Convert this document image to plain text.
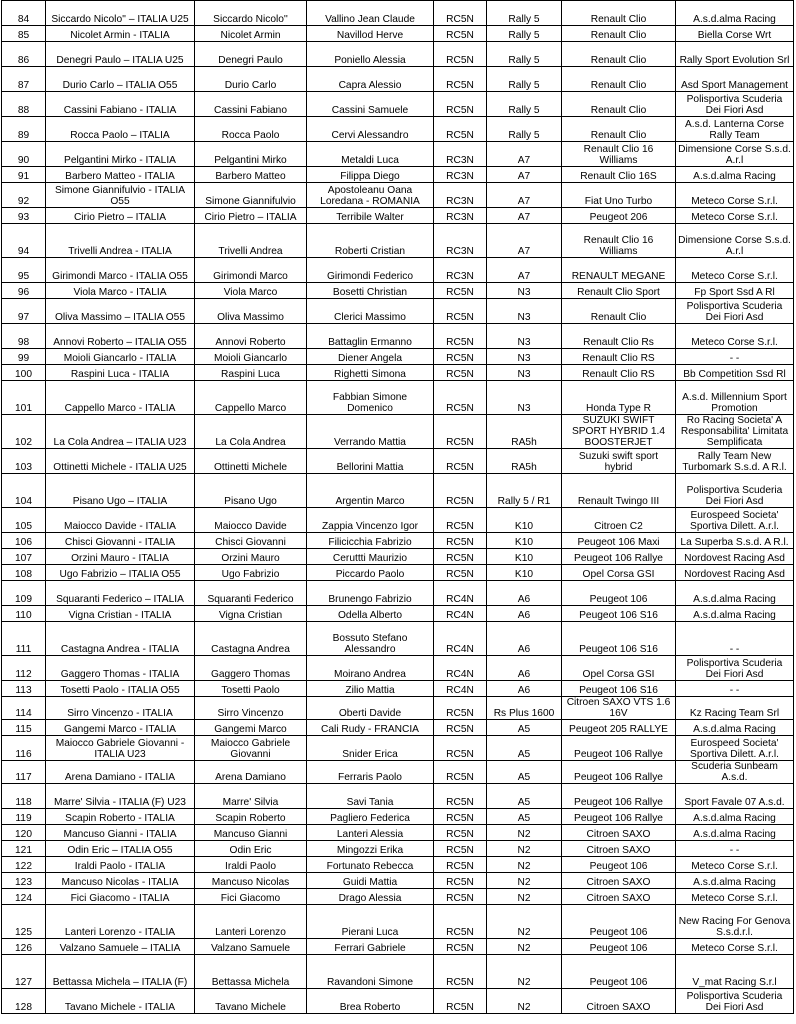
84	Siccardo Nicolo'' – ITALIA U25	Siccardo Nicolo''	Vallino Jean Claude	RC5N	Rally 5	Renault Clio	A.s.d.alma Racing
85	Nicolet Armin - ITALIA	Nicolet Armin	Navillod Herve	RC5N	Rally 5	Renault Clio	Biella Corse Wrt
86	Denegri Paulo – ITALIA U25	Denegri Paulo	Poniello Alessia	RC5N	Rally 5	Renault Clio	Rally Sport Evolution Srl
87	Durio Carlo – ITALIA O55	Durio Carlo	Capra Alessio	RC5N	Rally 5	Renault Clio	Asd Sport Management
88	Cassini Fabiano - ITALIA	Cassini Fabiano	Cassini Samuele	RC5N	Rally 5	Renault Clio	Polisportiva Scuderia Dei Fiori Asd
89	Rocca Paolo – ITALIA	Rocca Paolo	Cervi Alessandro	RC5N	Rally 5	Renault Clio	A.s.d. Lanterna Corse Rally Team
90	Pelgantini Mirko - ITALIA	Pelgantini Mirko	Metaldi Luca	RC3N	A7	Renault Clio 16 Williams	Dimensione Corse S.s.d. A.r.l
91	Barbero Matteo - ITALIA	Barbero Matteo	Filippa Diego	RC3N	A7	Renault Clio 16S	A.s.d.alma Racing
92	Simone Giannifulvio - ITALIA O55	Simone Giannifulvio	Apostoleanu Oana Loredana - ROMANIA	RC3N	A7	Fiat Uno Turbo	Meteco Corse S.r.l.
93	Cirio Pietro – ITALIA	Cirio Pietro – ITALIA	Terribile Walter	RC3N	A7	Peugeot 206	Meteco Corse S.r.l.
94	Trivelli Andrea - ITALIA	Trivelli Andrea	Roberti Cristian	RC3N	A7	Renault Clio 16 Williams	Dimensione Corse S.s.d. A.r.l
95	Girimondi Marco - ITALIA O55	Girimondi Marco	Girimondi Federico	RC3N	A7	RENAULT MEGANE	Meteco Corse S.r.l.
96	Viola Marco - ITALIA	Viola Marco	Bosetti Christian	RC5N	N3	Renault Clio Sport	Fp Sport Ssd A Rl
97	Oliva Massimo – ITALIA O55	Oliva Massimo	Clerici Massimo	RC5N	N3	Renault Clio	Polisportiva Scuderia Dei Fiori Asd
98	Annovi Roberto – ITALIA O55	Annovi Roberto	Battaglin Ermanno	RC5N	N3	Renault Clio Rs	Meteco Corse S.r.l.
99	Moioli Giancarlo - ITALIA	Moioli Giancarlo	Diener Angela	RC5N	N3	Renault Clio RS	- -
100	Raspini Luca - ITALIA	Raspini Luca	Righetti Simona	RC5N	N3	Renault Clio RS	Bb Competition Ssd Rl
101	Cappello Marco - ITALIA	Cappello Marco	Fabbian Simone Domenico	RC5N	N3	Honda Type R	A.s.d. Millennium Sport Promotion
102	La Cola Andrea – ITALIA U23	La Cola Andrea	Verrando Mattia	RC5N	RA5h	SUZUKI SWIFT SPORT HYBRID 1.4 BOOSTERJET	Ro Racing Societa' A Responsabilita' Limitata Semplificata
103	Ottinetti Michele - ITALIA U25	Ottinetti Michele	Bellorini Mattia	RC5N	RA5h	Suzuki swift sport hybrid	Rally Team New Turbomark S.s.d. A R.l.
104	Pisano Ugo – ITALIA	Pisano Ugo	Argentin Marco	RC5N	Rally 5 / R1	Renault Twingo III	Polisportiva Scuderia Dei Fiori Asd
105	Maiocco Davide - ITALIA	Maiocco Davide	Zappia Vincenzo Igor	RC5N	K10	Citroen C2	Eurospeed Societa' Sportiva Dilett. A.r.l.
106	Chisci Giovanni - ITALIA	Chisci Giovanni	Filicicchia Fabrizio	RC5N	K10	Peugeot 106 Maxi	La Superba S.s.d. A R.l.
107	Orzini Mauro - ITALIA	Orzini Mauro	Ceruttti Maurizio	RC5N	K10	Peugeot 106 Rallye	Nordovest Racing Asd
108	Ugo Fabrizio – ITALIA O55	Ugo Fabrizio	Piccardo Paolo	RC5N	K10	Opel Corsa GSI	Nordovest Racing Asd
109	Squaranti Federico – ITALIA	Squaranti Federico	Brunengo Fabrizio	RC4N	A6	Peugeot 106	A.s.d.alma Racing
110	Vigna Cristian - ITALIA	Vigna Cristian	Odella Alberto	RC4N	A6	Peugeot 106 S16	A.s.d.alma Racing
111	Castagna Andrea - ITALIA	Castagna Andrea	Bossuto Stefano Alessandro	RC4N	A6	Peugeot 106 S16	- -
112	Gaggero Thomas - ITALIA	Gaggero Thomas	Moirano Andrea	RC4N	A6	Opel Corsa GSI	Polisportiva Scuderia Dei Fiori Asd
113	Tosetti Paolo - ITALIA O55	Tosetti Paolo	Zilio Mattia	RC4N	A6	Peugeot 106 S16	- -
114	Sirro Vincenzo - ITALIA	Sirro Vincenzo	Oberti Davide	RC5N	Rs Plus 1600	Citroen SAXO VTS 1.6 16V	Kz Racing Team Srl
115	Gangemi Marco - ITALIA	Gangemi Marco	Cali Rudy - FRANCIA	RC5N	A5	Peugeot 205 RALLYE	A.s.d.alma Racing
116	Maiocco Gabriele Giovanni - ITALIA U23	Maiocco Gabriele Giovanni	Snider Erica	RC5N	A5	Peugeot 106 Rallye	Eurospeed Societa' Sportiva Dilett. A.r.l.
117	Arena Damiano - ITALIA	Arena Damiano	Ferraris Paolo	RC5N	A5	Peugeot 106 Rallye	Scuderia Sunbeam A.s.d.
118	Marre' Silvia - ITALIA (F) U23	Marre' Silvia	Savi Tania	RC5N	A5	Peugeot 106 Rallye	Sport Favale 07 A.s.d.
119	Scapin Roberto - ITALIA	Scapin Roberto	Pagliero Federica	RC5N	A5	Peugeot 106 Rallye	A.s.d.alma Racing
120	Mancuso Gianni - ITALIA	Mancuso Gianni	Lanteri Alessia	RC5N	N2	Citroen SAXO	A.s.d.alma Racing
121	Odin Eric – ITALIA O55	Odin Eric	Mingozzi Erika	RC5N	N2	Citroen SAXO	- -
122	Iraldi Paolo - ITALIA	Iraldi Paolo	Fortunato Rebecca	RC5N	N2	Peugeot 106	Meteco Corse S.r.l.
123	Mancuso Nicolas - ITALIA	Mancuso Nicolas	Guidi Mattia	RC5N	N2	Citroen SAXO	A.s.d.alma Racing
124	Fici Giacomo - ITALIA	Fici Giacomo	Drago Alessia	RC5N	N2	Citroen SAXO	Meteco Corse S.r.l.
125	Lanteri Lorenzo - ITALIA	Lanteri Lorenzo	Pierani Luca	RC5N	N2	Peugeot 106	New Racing For Genova S.s.d.r.l.
126	Valzano Samuele – ITALIA	Valzano Samuele	Ferrari Gabriele	RC5N	N2	Peugeot 106	Meteco Corse S.r.l.
127	Bettassa Michela – ITALIA (F)	Bettassa Michela	Ravandoni Simone	RC5N	N2	Peugeot 106	V_mat Racing S.r.l
128	Tavano Michele - ITALIA	Tavano Michele	Brea Roberto	RC5N	N2	Citroen SAXO	Polisportiva Scuderia Dei Fiori Asd
